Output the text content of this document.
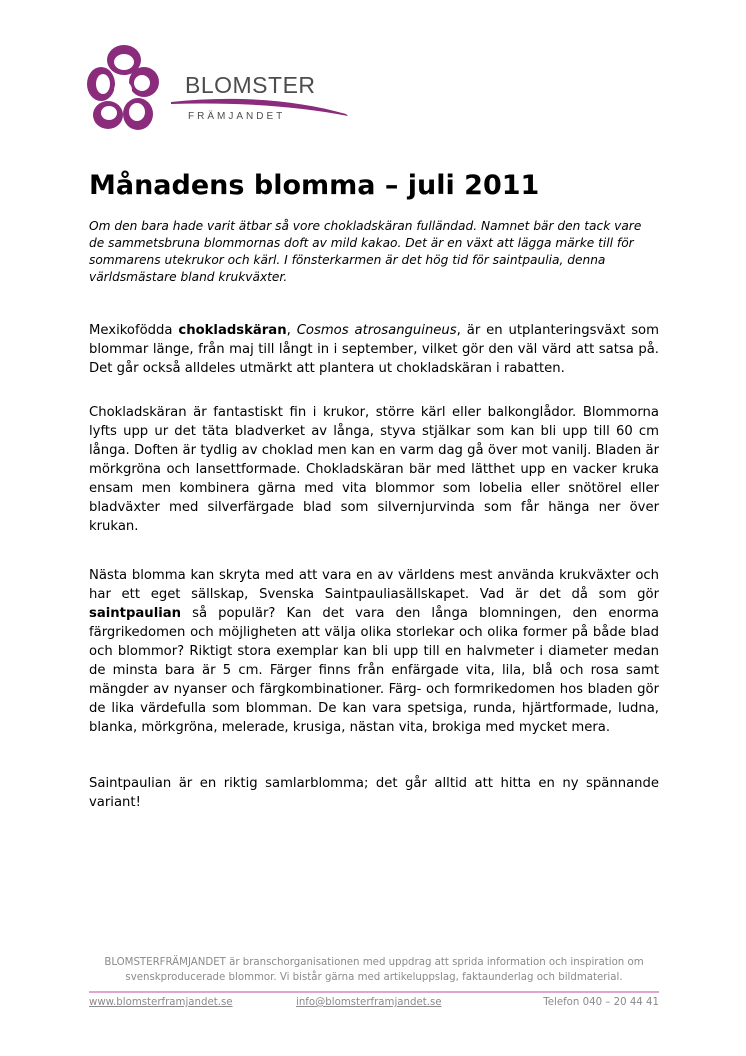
BLOMSTER
FRÄMJANDET
Månadens blomma – juli 2011

Om den bara hade varit ätbar så vore chokladskäran fulländad. Namnet bär den tack vare de sammetsbruna blommornas doft av mild kakao. Det är en växt att lägga märke till för sommarens utekrukor och kärl. I fönsterkarmen är det hög tid för saintpaulia, denna världsmästare bland krukväxter.

Mexikofödda chokladskäran, Cosmos atrosanguineus, är en utplanteringsväxt som blommar länge, från maj till långt in i september, vilket gör den väl värd att satsa på. Det går också alldeles utmärkt att plantera ut chokladskäran i rabatten.

Chokladskäran är fantastiskt fin i krukor, större kärl eller balkonglådor. Blommorna lyfts upp ur det täta bladverket av långa, styva stjälkar som kan bli upp till 60 cm långa. Doften är tydlig av choklad men kan en varm dag gå över mot vanilj. Bladen är mörkgröna och lansettformade. Chokladskäran bär med lätthet upp en vacker kruka ensam men kombinera gärna med vita blommor som lobelia eller snötörel eller bladväxter med silverfärgade blad som silvernjurvinda som får hänga ner över krukan.

Nästa blomma kan skryta med att vara en av världens mest använda krukväxter och har ett eget sällskap, Svenska Saintpauliasällskapet. Vad är det då som gör saintpaulian så populär? Kan det vara den långa blomningen, den enorma färgrikedomen och möjligheten att välja olika storlekar och olika former på både blad och blommor? Riktigt stora exemplar kan bli upp till en halvmeter i diameter medan de minsta bara är 5 cm. Färger finns från enfärgade vita, lila, blå och rosa samt mängder av nyanser och färgkombinationer. Färg- och formrikedomen hos bladen gör de lika värdefulla som blomman. De kan vara spetsiga, runda, hjärtformade, ludna, blanka, mörkgröna, melerade, krusiga, nästan vita, brokiga med mycket mera.

Saintpaulian är en riktig samlarblomma; det går alltid att hitta en ny spännande variant!

BLOMSTERFRÄMJANDET är branschorganisationen med uppdrag att sprida information och inspiration om svenskproducerade blommor. Vi bistår gärna med artikeluppslag, faktaunderlag och bildmaterial.

www.blomsterframjandet.se	info@blomsterframjandet.se	Telefon 040 – 20 44 41
